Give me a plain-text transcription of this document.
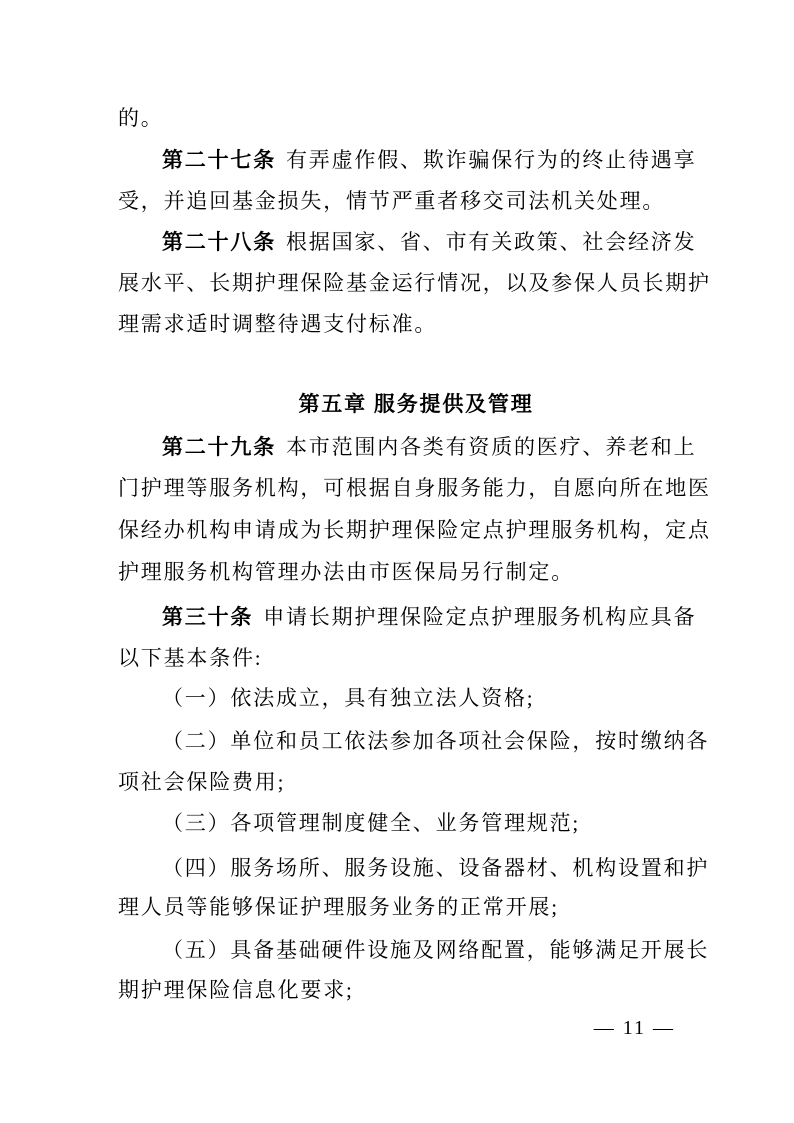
的。
第二十七条 有弄虚作假、欺诈骗保行为的终止待遇享
受，并追回基金损失，情节严重者移交司法机关处理。
第二十八条 根据国家、省、市有关政策、社会经济发
展水平、长期护理保险基金运行情况，以及参保人员长期护
理需求适时调整待遇支付标准。
第五章 服务提供及管理
第二十九条 本市范围内各类有资质的医疗、养老和上
门护理等服务机构，可根据自身服务能力，自愿向所在地医
保经办机构申请成为长期护理保险定点护理服务机构，定点
护理服务机构管理办法由市医保局另行制定。
第三十条 申请长期护理保险定点护理服务机构应具备
以下基本条件:
（一）依法成立，具有独立法人资格;
（二）单位和员工依法参加各项社会保险，按时缴纳各
项社会保险费用;
（三）各项管理制度健全、业务管理规范;
（四）服务场所、服务设施、设备器材、机构设置和护
理人员等能够保证护理服务业务的正常开展;
（五）具备基础硬件设施及网络配置，能够满足开展长
期护理保险信息化要求;
— 11 —
